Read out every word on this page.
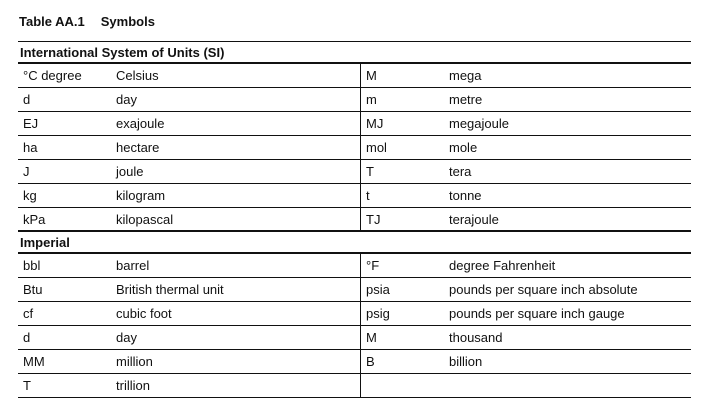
Table AA.1 Symbols
International System of Units (SI)
°C degree	Celsius	M	mega
d	day	m	metre
EJ	exajoule	MJ	megajoule
ha	hectare	mol	mole
J	joule	T	tera
kg	kilogram	t	tonne
kPa	kilopascal	TJ	terajoule
Imperial
bbl	barrel	°F	degree Fahrenheit
Btu	British thermal unit	psia	pounds per square inch absolute
cf	cubic foot	psig	pounds per square inch gauge
d	day	M	thousand
MM	million	B	billion
T	trillion
